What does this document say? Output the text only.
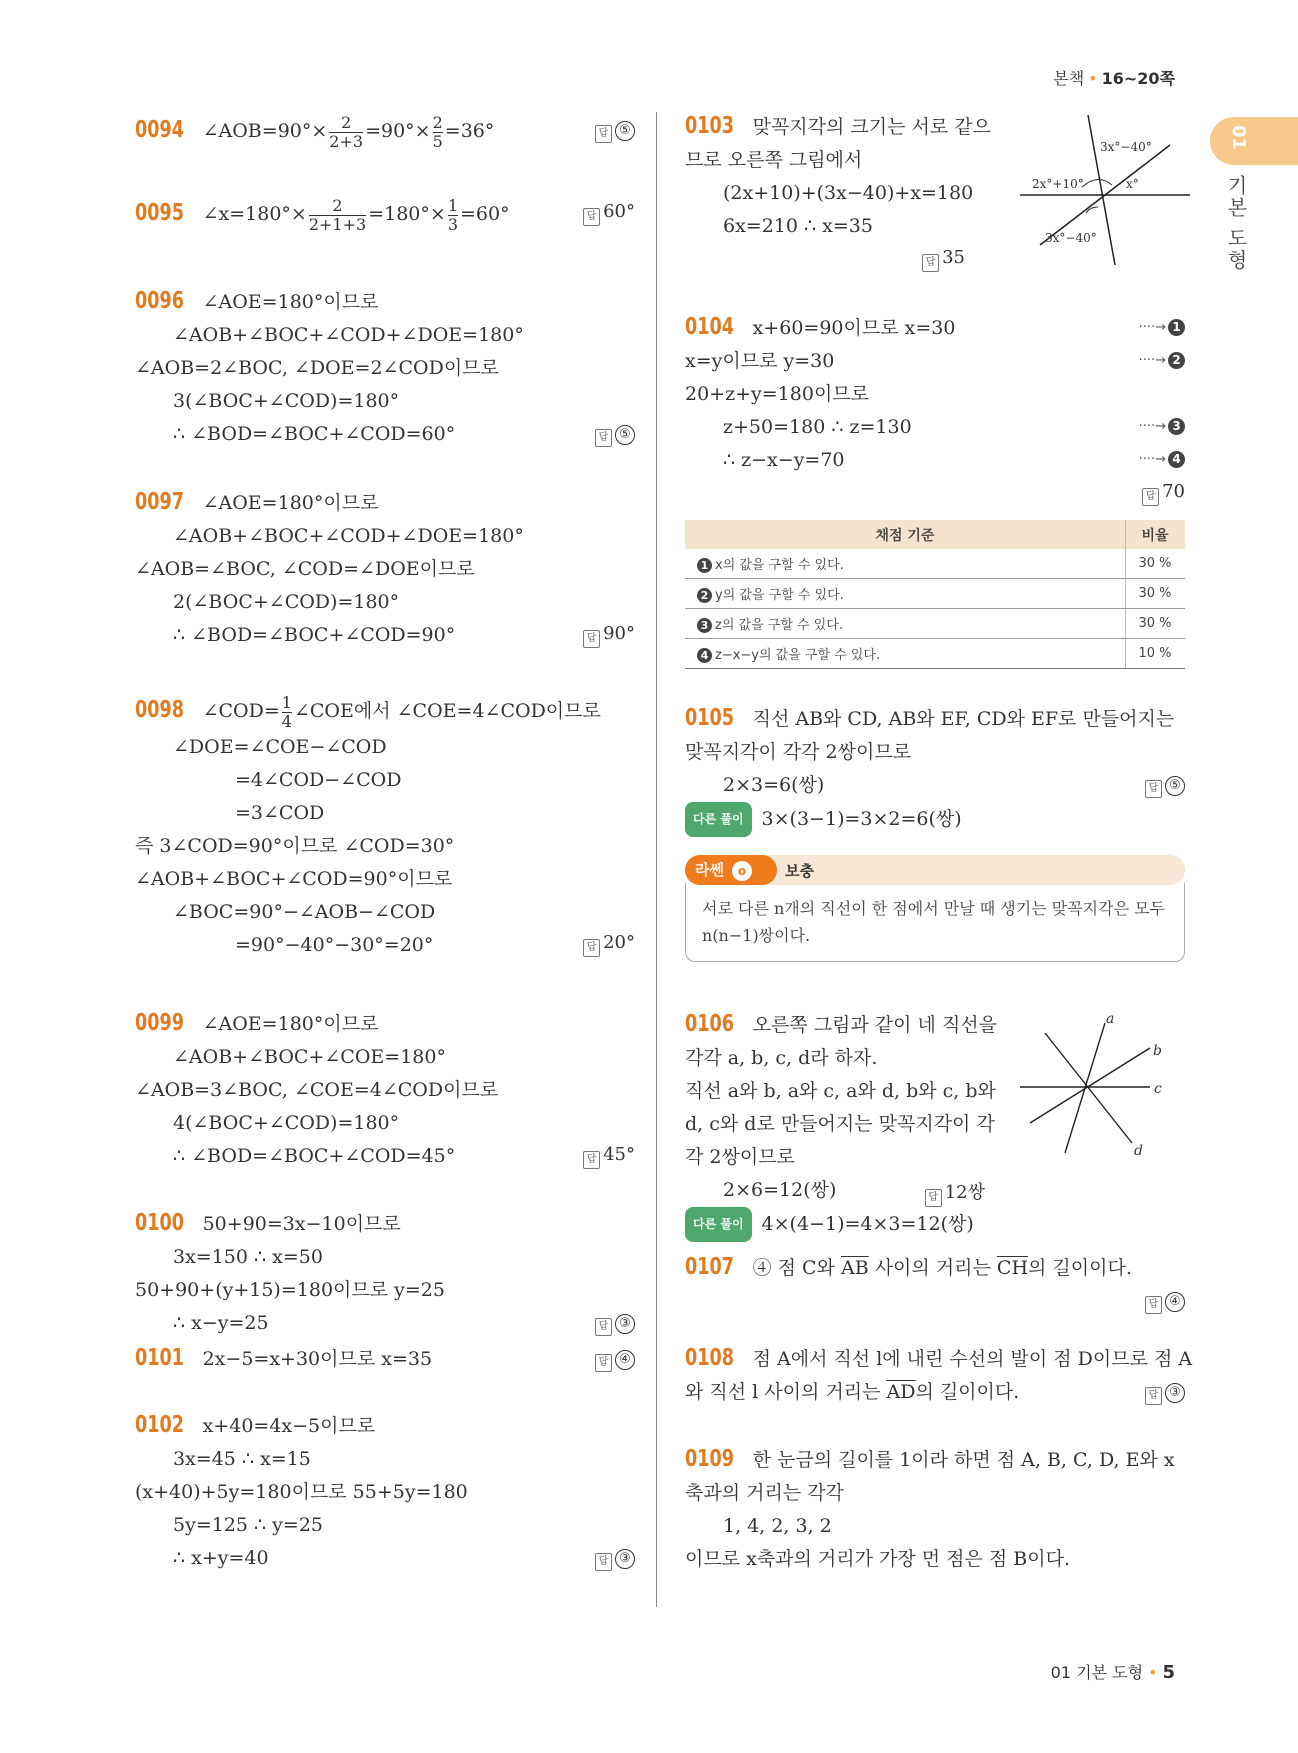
본책 • 16~20쪽
01
기본 도형
0094 ∠AOB=90°× $\frac{2}{2+3} =90^\circ\times \frac{2}{5} =36^\circ$	답 ⑤
0095 ∠x=180°× $\frac{2}{2+1+3} =180^\circ\times \frac{1}{3} =60^\circ$	답 60°
0096 ∠AOE=180°이므로
∠AOB+∠BOC+∠COD+∠DOE=180°
∠AOB=2∠BOC, ∠DOE=2∠COD이므로
3(∠BOC+∠COD)=180°
∴ ∠BOD=∠BOC+∠COD=60°	답 ⑤
0097 ∠AOE=180°이므로
∠AOB+∠BOC+∠COD+∠DOE=180°
∠AOB=∠BOC, ∠COD=∠DOE이므로
2(∠BOC+∠COD)=180°
∴ ∠BOD=∠BOC+∠COD=90°	답 90°
0098 ∠COD= $\frac{1}{4}$ ∠COE에서 ∠COE=4∠COD이므로
∠DOE=∠COE−∠COD
=4∠COD−∠COD
=3∠COD
즉 3∠COD=90°이므로 ∠COD=30°
∠AOB+∠BOC+∠COD=90°이므로
∠BOC=90°−∠AOB−∠COD
=90°−40°−30°=20°	답 20°
0099 ∠AOE=180°이므로
∠AOB+∠BOC+∠COE=180°
∠AOB=3∠BOC, ∠COE=4∠COD이므로
4(∠BOC+∠COD)=180°
∴ ∠BOD=∠BOC+∠COD=45°	답 45°
0100 50+90=3x−10이므로
3x=150 ∴ x=50
50+90+(y+15)=180이므로 y=25
∴ x−y=25	답 ③
0101 2x−5=x+30이므로 x=35	답 ④
0102 x+40=4x−5이므로
3x=45 ∴ x=15
(x+40)+5y=180이므로 55+5y=180
5y=125 ∴ y=25
∴ x+y=40	답 ③
0103 맞꼭지각의 크기는 서로 같으
므로 오른쪽 그림에서
(2x+10)+(3x−40)+x=180
6x=210 ∴ x=35
답 35
3x°−40°
2x°+10°	x°
3x°−40°
0104 x+60=90이므로 x=30
x=y이므로 y=30
20+z+y=180이므로
z+50=180 ∴ z=130
∴ z−x−y=70
····→ 1
····→ 2
····→ 3
····→ 4
답 70
채점 기준	비율
1 x의 값을 구할 수 있다.	30 %
2 y의 값을 구할 수 있다.	30 %
3 z의 값을 구할 수 있다.	30 %
4 z−x−y의 값을 구할 수 있다.	10 %
0105 직선 AB와 CD, AB와 EF, CD와 EF로 만들어지는
맞꼭지각이 각각 2쌍이므로
2×3=6(쌍)
다른 풀이 3×(3−1)=3×2=6(쌍)
답 ⑤
라쎈 o	보충
서로 다른 n개의 직선이 한 점에서 만날 때 생기는 맞꼭지각은 모두 n(n−1)쌍이다.
0106 오른쪽 그림과 같이 네 직선을
각각 a, b, c, d라 하자.
직선 a와 b, a와 c, a와 d, b와 c, b와
d, c와 d로 만들어지는 맞꼭지각이 각
각 2쌍이므로
2×6=12(쌍)
다른 풀이 4×(4−1)=4×3=12(쌍)
답 12쌍
a
b
c
d
0107 ④ 점 C와 $\overline{AB}$ 사이의 거리는 $\overline{CH}$의 길이이다.
답 ④
0108 점 A에서 직선 l에 내린 수선의 발이 점 D이므로 점 A
와 직선 l 사이의 거리는 $\overline{AD}$의 길이이다.	답 ③
0109 한 눈금의 길이를 1이라 하면 점 A, B, C, D, E와 x
축과의 거리는 각각
1, 4, 2, 3, 2
이므로 x축과의 거리가 가장 먼 점은 점 B이다.
01 기본 도형 • 5
